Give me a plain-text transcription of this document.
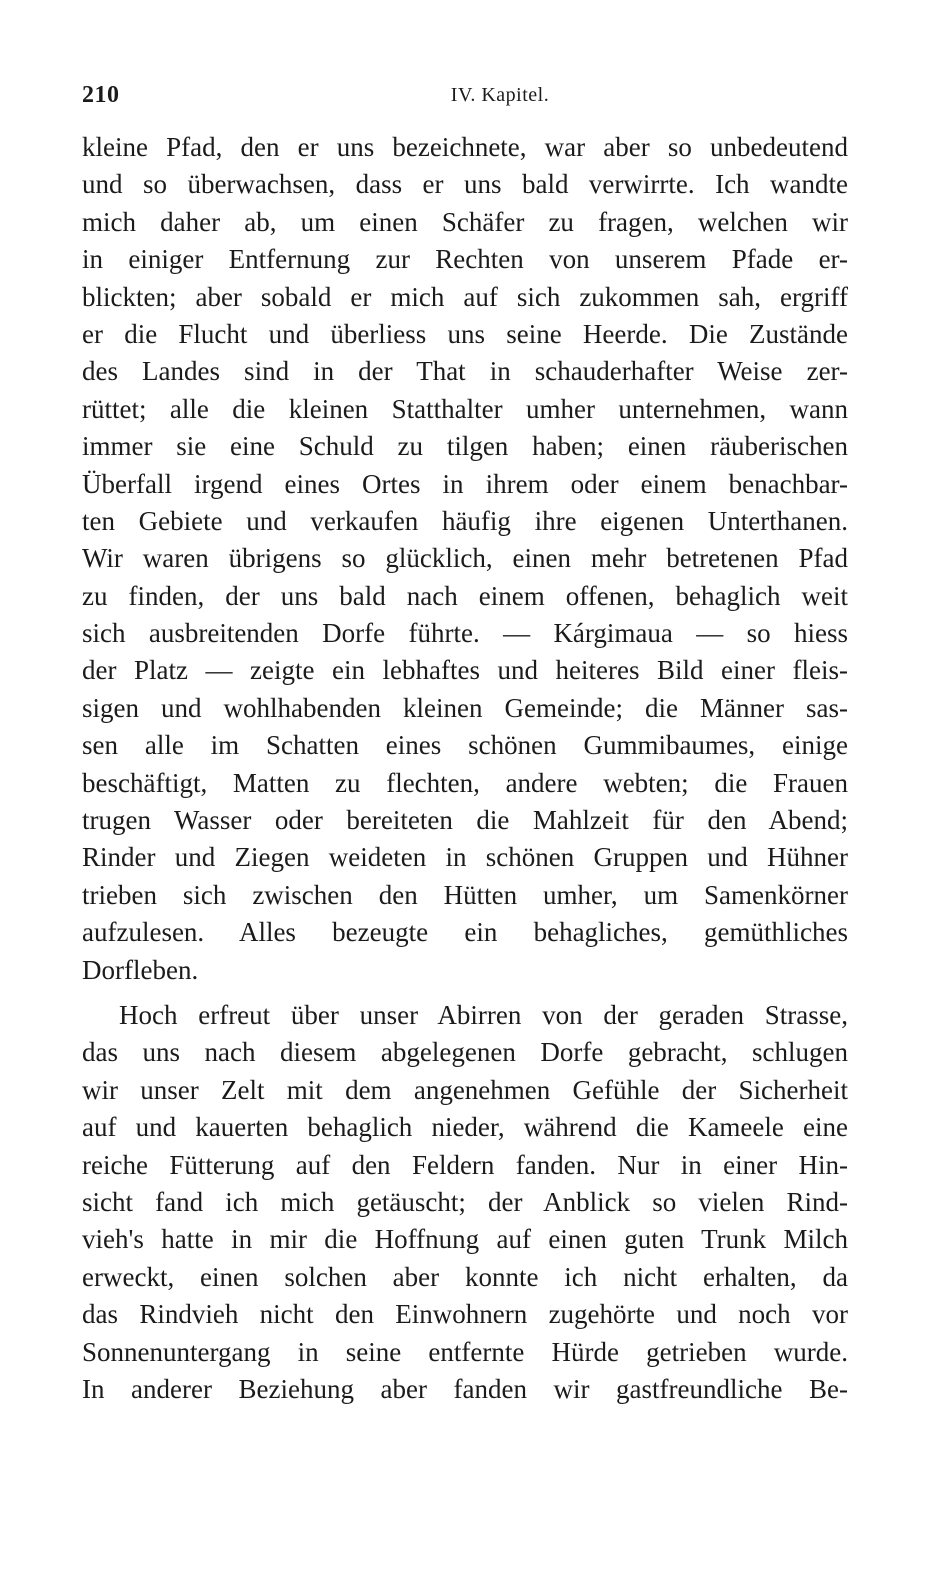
210	IV. Kapitel.
kleine Pfad, den er uns bezeichnete, war aber so unbedeutend
und so überwachsen, dass er uns bald verwirrte. Ich wandte
mich daher ab, um einen Schäfer zu fragen, welchen wir
in einiger Entfernung zur Rechten von unserem Pfade er-
blickten; aber sobald er mich auf sich zukommen sah, ergriff
er die Flucht und überliess uns seine Heerde. Die Zustände
des Landes sind in der That in schauderhafter Weise zer-
rüttet; alle die kleinen Statthalter umher unternehmen, wann
immer sie eine Schuld zu tilgen haben; einen räuberischen
Überfall irgend eines Ortes in ihrem oder einem benachbar-
ten Gebiete und verkaufen häufig ihre eigenen Unterthanen.
Wir waren übrigens so glücklich, einen mehr betretenen Pfad
zu finden, der uns bald nach einem offenen, behaglich weit
sich ausbreitenden Dorfe führte. — Kárgimaua — so hiess
der Platz — zeigte ein lebhaftes und heiteres Bild einer fleis-
sigen und wohlhabenden kleinen Gemeinde; die Männer sas-
sen alle im Schatten eines schönen Gummibaumes, einige
beschäftigt, Matten zu flechten, andere webten; die Frauen
trugen Wasser oder bereiteten die Mahlzeit für den Abend;
Rinder und Ziegen weideten in schönen Gruppen und Hühner
trieben sich zwischen den Hütten umher, um Samenkörner
aufzulesen. Alles bezeugte ein behagliches, gemüthliches
Dorfleben.
Hoch erfreut über unser Abirren von der geraden Strasse,
das uns nach diesem abgelegenen Dorfe gebracht, schlugen
wir unser Zelt mit dem angenehmen Gefühle der Sicherheit
auf und kauerten behaglich nieder, während die Kameele eine
reiche Fütterung auf den Feldern fanden. Nur in einer Hin-
sicht fand ich mich getäuscht; der Anblick so vielen Rind-
vieh's hatte in mir die Hoffnung auf einen guten Trunk Milch
erweckt, einen solchen aber konnte ich nicht erhalten, da
das Rindvieh nicht den Einwohnern zugehörte und noch vor
Sonnenuntergang in seine entfernte Hürde getrieben wurde.
In anderer Beziehung aber fanden wir gastfreundliche Be-
